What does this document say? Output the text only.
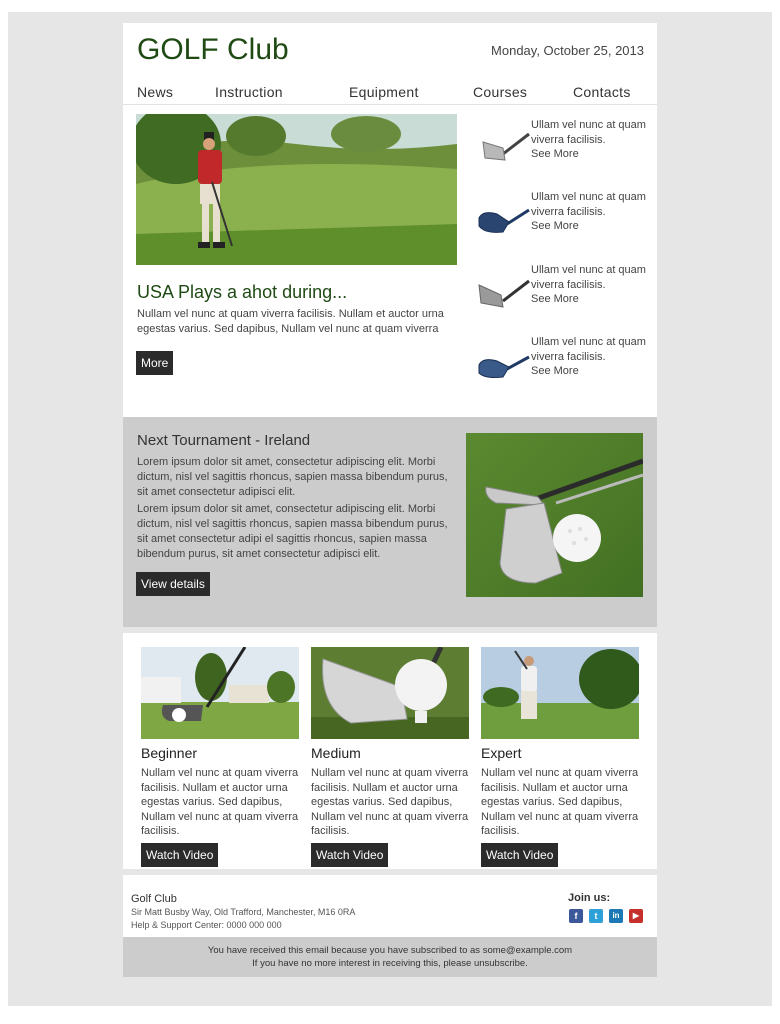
GOLF Club	Monday, October 25, 2013
News	Instruction	Equipment	Courses	Contacts
USA Plays a ahot during...
Nullam vel nunc at quam viverra facilisis. Nullam et auctor urna egestas varius. Sed dapibus, Nullam vel nunc at quam viverra
More
Ullam vel nunc at quam viverra facilisis.
See More
Ullam vel nunc at quam viverra facilisis.
See More
Ullam vel nunc at quam viverra facilisis.
See More
Ullam vel nunc at quam viverra facilisis.
See More
Next Tournament - Ireland

Lorem ipsum dolor sit amet, consectetur adipiscing elit. Morbi dictum, nisl vel sagittis rhoncus, sapien massa bibendum purus, sit amet consectetur adipisci elit.

Lorem ipsum dolor sit amet, consectetur adipiscing elit. Morbi dictum, nisl vel sagittis rhoncus, sapien massa bibendum purus, sit amet consectetur adipi el sagittis rhoncus, sapien massa bibendum purus, sit amet consectetur adipisci elit.

View details
Beginner

Nullam vel nunc at quam viverra facilisis. Nullam et auctor urna egestas varius. Sed dapibus, Nullam vel nunc at quam viverra facilisis.

Watch Video
Medium

Nullam vel nunc at quam viverra facilisis. Nullam et auctor urna egestas varius. Sed dapibus, Nullam vel nunc at quam viverra facilisis.

Watch Video
Expert

Nullam vel nunc at quam viverra facilisis. Nullam et auctor urna egestas varius. Sed dapibus, Nullam vel nunc at quam viverra facilisis.

Watch Video
Golf Club
Sir Matt Busby Way, Old Trafford, Manchester, M16 0RA
Help & Support Center: 0000 000 000
Join us:
f	t	in	▶
You have received this email because you have subscribed to as some@example.com
If you have no more interest in receiving this, please unsubscribe.
